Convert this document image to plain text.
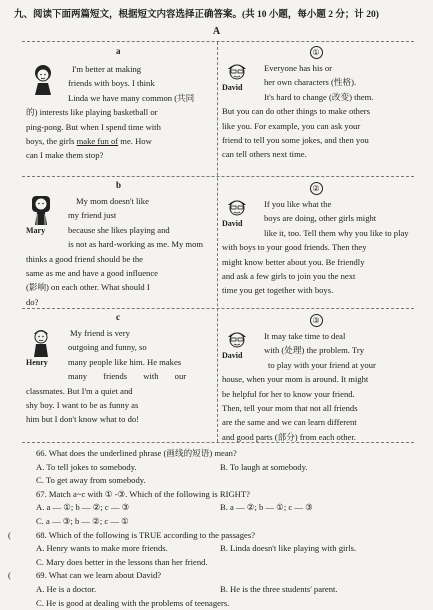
九、阅读下面两篇短文，根据短文内容选择正确答案。(共 10 小题，每小题 2 分；计 20)
A
a

I'm better at making

friends with boys. I think

Linda we have many common (共同

的) interests like playing basketball or

ping-pong. But when I spend time with

boys, the girls make fun of me. How

can I make them stop?

①
David

Everyone has his or

her own characters (性格).

It's hard to change (改变) them.

But you can do other things to make others

like you. For example, you can ask your

friend to tell you some jokes, and then you

can tell others next time.

b
Mary

My mom doesn't like

my friend just

because she likes playing and

is not as hard-working as me. My mom

thinks a good friend should be the

same as me and have a good influence

(影响) on each other. What should I

do?

②
David

If you like what the

boys are doing, other girls might

like it, too. Tell them why you like to play

with boys to your good friends. Then they

might know better about you. Be friendly

and ask a few girls to join you the next

time you get together with boys.

c
Henry

My friend is very

outgoing and funny, so

many people like him. He makes

many friends with our

classmates. But I'm a quiet and

shy boy. I want to be as funny as

him but I don't know what to do!

③
David

It may take time to deal

with (处理) the problem. Try

to play with your friend at your

house, when your mom is around. It might

be helpful for her to know your friend.

Then, tell your mom that not all friends

are the same and we can learn different

and good parts (部分) from each other.

66. What does the underlined phrase (画线的短语) mean?
A. To tell jokes to somebody.	B. To laugh at somebody.
C. To get away from somebody.
67. Match a~c with ① -③. Which of the following is RIGHT?
A. a — ①; b — ②; c — ③	B. a — ②; b — ①; c — ③
C. a — ③; b — ②; c — ①
(	68. Which of the following is TRUE according to the passages?
A. Henry wants to make more friends.	B. Linda doesn't like playing with girls.
C. Mary does better in the lessons than her friend.
(	69. What can we learn about David?
A. He is a doctor.	B. He is the three students' parent.
C. He is good at dealing with the problems of teenagers.
